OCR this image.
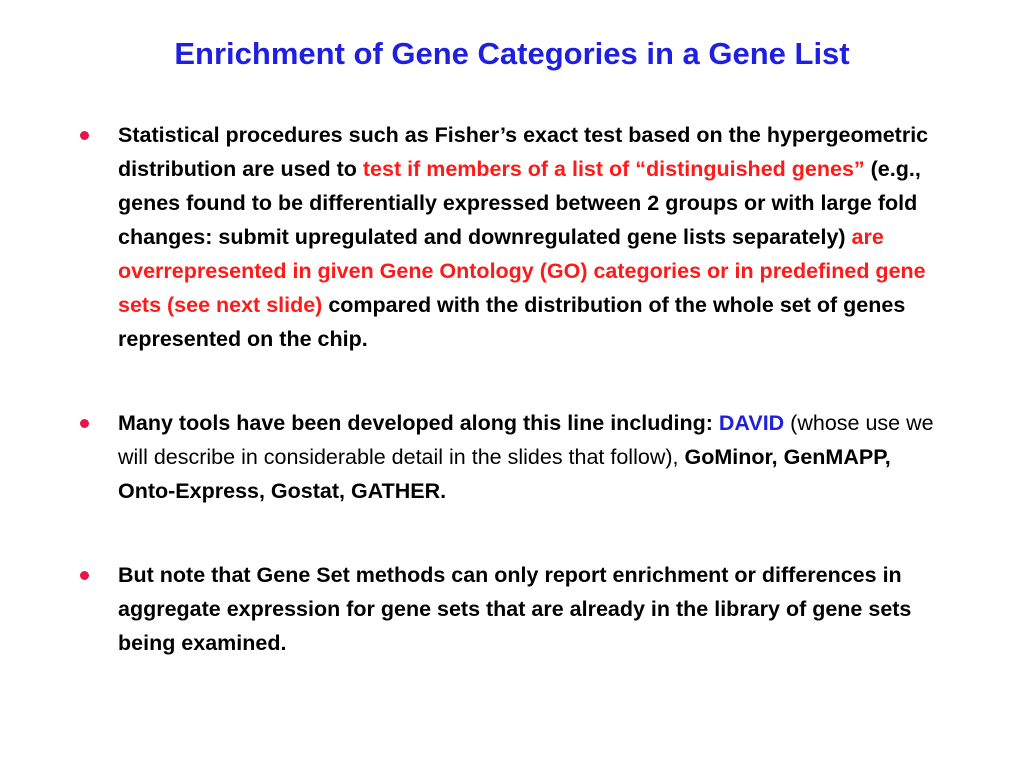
Enrichment of Gene Categories in a Gene List
Statistical procedures such as Fisher’s exact test based on the hypergeometric distribution are used to test if members of a list of “distinguished genes” (e.g., genes found to be differentially expressed between 2 groups or with large fold changes: submit upregulated and downregulated gene lists separately) are overrepresented in given Gene Ontology (GO) categories or in predefined gene sets (see next slide) compared with the distribution of the whole set of genes represented on the chip.
Many tools have been developed along this line including: DAVID (whose use we will describe in considerable detail in the slides that follow), GoMinor, GenMAPP, Onto-Express, Gostat, GATHER.
But note that Gene Set methods can only report enrichment or differences in aggregate expression for gene sets that are already in the library of gene sets being examined.
